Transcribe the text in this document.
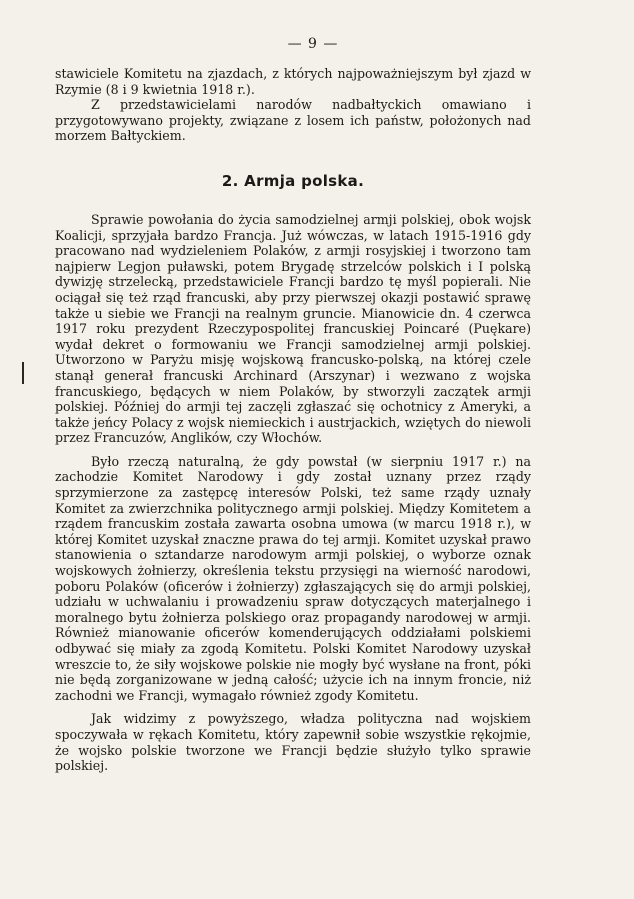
— 9 —

stawiciele Komitetu na zjazdach, z których najpoważniejszym był zjazd w Rzymie (8 i 9 kwietnia 1918 r.).

Z przedstawicielami narodów nadbałtyckich omawiano i przygotowywano projekty, związane z losem ich państw, położonych nad morzem Bałtyckiem.

2. Armja polska.

Sprawie powołania do życia samodzielnej armji polskiej, obok wojsk Koalicji, sprzyjała bardzo Francja. Już wówczas, w latach 1915-1916 gdy pracowano nad wydzieleniem Polaków, z armji rosyjskiej i tworzono tam najpierw Legjon puławski, potem Brygadę strzelców polskich i I polską dywizję strzelecką, przedstawiciele Francji bardzo tę myśl popierali. Nie ociągał się też rząd francuski, aby przy pierwszej okazji postawić sprawę także u siebie we Francji na realnym gruncie. Mianowicie dn. 4 czerwca 1917 roku prezydent Rzeczypospolitej francuskiej Poincaré (Puękare) wydał dekret o formowaniu we Francji samodzielnej armji polskiej. Utworzono w Paryżu misję wojskową francusko-polską, na której czele stanął generał francuski Archinard (Arszynar) i wezwano z wojska francuskiego, będących w niem Polaków, by stworzyli zaczątek armji polskiej. Później do armji tej zaczęli zgłaszać się ochotnicy z Ameryki, a także jeńcy Polacy z wojsk niemieckich i austrjackich, wziętych do niewoli przez Francuzów, Anglików, czy Włochów.

Było rzeczą naturalną, że gdy powstał (w sierpniu 1917 r.) na zachodzie Komitet Narodowy i gdy został uznany przez rządy sprzymierzone za zastępcę interesów Polski, też same rządy uznały Komitet za zwierzchnika politycznego armji polskiej. Między Komitetem a rządem francuskim została zawarta osobna umowa (w marcu 1918 r.), w której Komitet uzyskał znaczne prawa do tej armji. Komitet uzyskał prawo stanowienia o sztandarze narodowym armji polskiej, o wyborze oznak wojskowych żołnierzy, określenia tekstu przysięgi na wierność narodowi, poboru Polaków (oficerów i żołnierzy) zgłaszających się do armji polskiej, udziału w uchwalaniu i prowadzeniu spraw dotyczących materjalnego i moralnego bytu żołnierza polskiego oraz propagandy narodowej w armji. Również mianowanie oficerów komenderujących oddziałami polskiemi odbywać się miały za zgodą Komitetu. Polski Komitet Narodowy uzyskał wreszcie to, że siły wojskowe polskie nie mogły być wysłane na front, póki nie będą zorganizowane w jedną całość; użycie ich na innym froncie, niż zachodni we Francji, wymagało również zgody Komitetu.

Jak widzimy z powyższego, władza polityczna nad wojskiem spoczywała w rękach Komitetu, który zapewnił sobie wszystkie rękojmie, że wojsko polskie tworzone we Francji będzie służyło tylko sprawie polskiej.
